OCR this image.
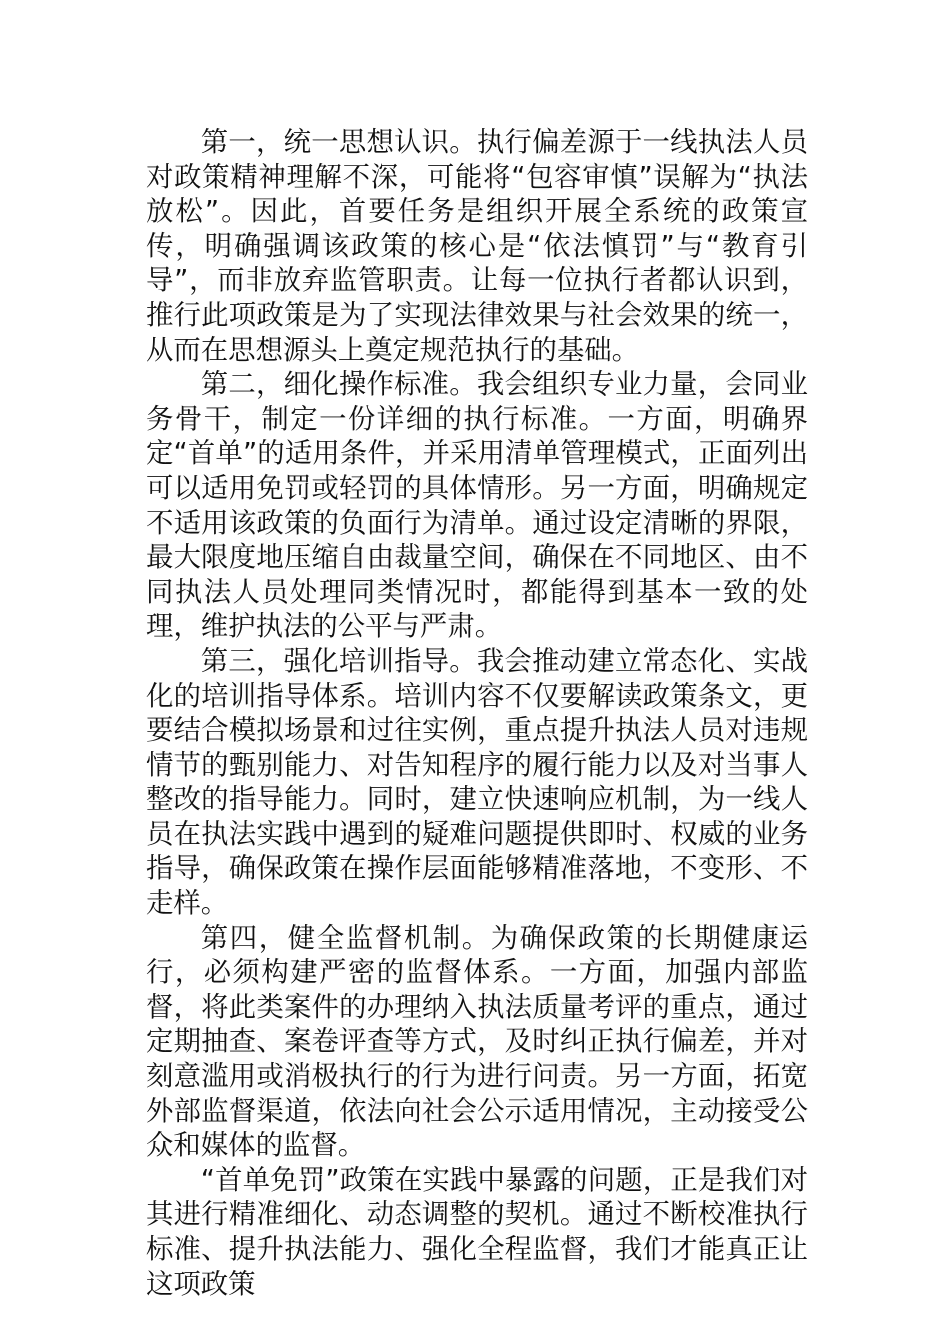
第一，统一思想认识。执行偏差源于一线执法人员对政策精神理解不深，可能将“包容审慎”误解为“执法放松”。因此，首要任务是组织开展全系统的政策宣传，明确强调该政策的核心是“依法慎罚”与“教育引导”，而非放弃监管职责。让每一位执行者都认识到，推行此项政策是为了实现法律效果与社会效果的统一，从而在思想源头上奠定规范执行的基础。

第二，细化操作标准。我会组织专业力量，会同业务骨干，制定一份详细的执行标准。一方面，明确界定“首单”的适用条件，并采用清单管理模式，正面列出可以适用免罚或轻罚的具体情形。另一方面，明确规定不适用该政策的负面行为清单。通过设定清晰的界限，最大限度地压缩自由裁量空间，确保在不同地区、由不同执法人员处理同类情况时，都能得到基本一致的处理，维护执法的公平与严肃。

第三，强化培训指导。我会推动建立常态化、实战化的培训指导体系。培训内容不仅要解读政策条文，更要结合模拟场景和过往实例，重点提升执法人员对违规情节的甄别能力、对告知程序的履行能力以及对当事人整改的指导能力。同时，建立快速响应机制，为一线人员在执法实践中遇到的疑难问题提供即时、权威的业务指导，确保政策在操作层面能够精准落地，不变形、不走样。

第四，健全监督机制。为确保政策的长期健康运行，必须构建严密的监督体系。一方面，加强内部监督，将此类案件的办理纳入执法质量考评的重点，通过定期抽查、案卷评查等方式，及时纠正执行偏差，并对刻意滥用或消极执行的行为进行问责。另一方面，拓宽外部监督渠道，依法向社会公示适用情况，主动接受公众和媒体的监督。

“首单免罚”政策在实践中暴露的问题，正是我们对其进行精准细化、动态调整的契机。通过不断校准执行标准、提升执法能力、强化全程监督，我们才能真正让这项政策
